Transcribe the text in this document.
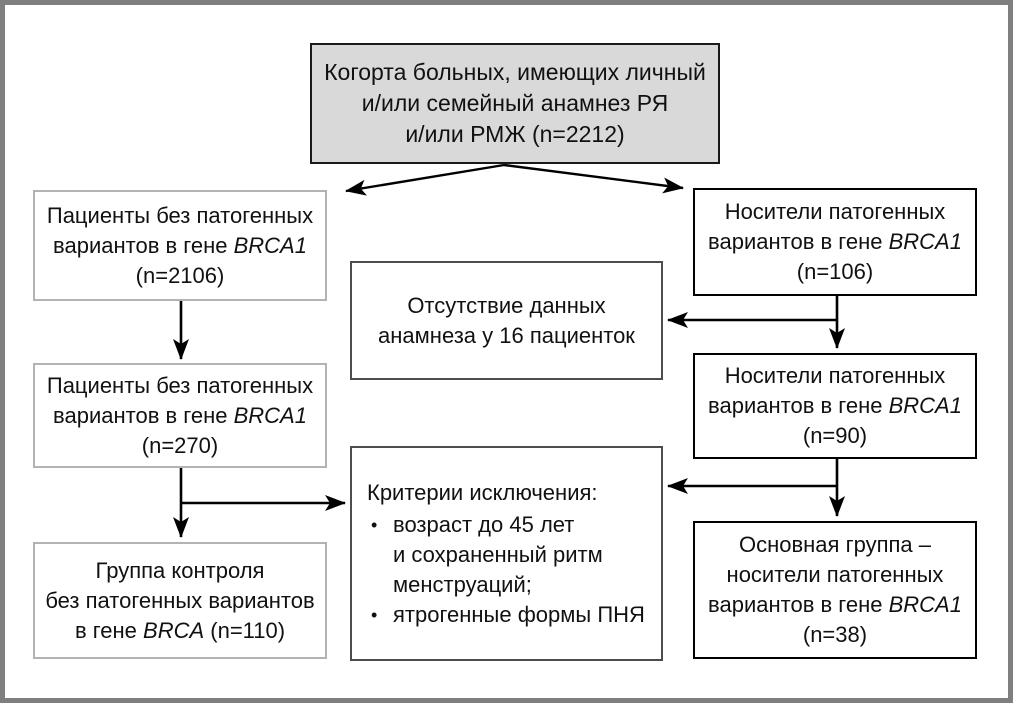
Когорта больных, имеющих личный
и/или семейный анамнез РЯ
и/или РМЖ (n=2212)
Пациенты без патогенных
вариантов в гене BRCA1
(n=2106)
Пациенты без патогенных
вариантов в гене BRCA1
(n=270)
Группа контроля
без патогенных вариантов
в гене BRCA (n=110)
Отсутствие данных
анамнеза у 16 пациенток
Критерии исключения:
• возраст до 45 лет
и сохраненный ритм
менструаций;
• ятрогенные формы ПНЯ
Носители патогенных
вариантов в гене BRCA1
(n=106)
Носители патогенных
вариантов в гене BRCA1
(n=90)
Основная группа –
носители патогенных
вариантов в гене BRCA1
(n=38)
